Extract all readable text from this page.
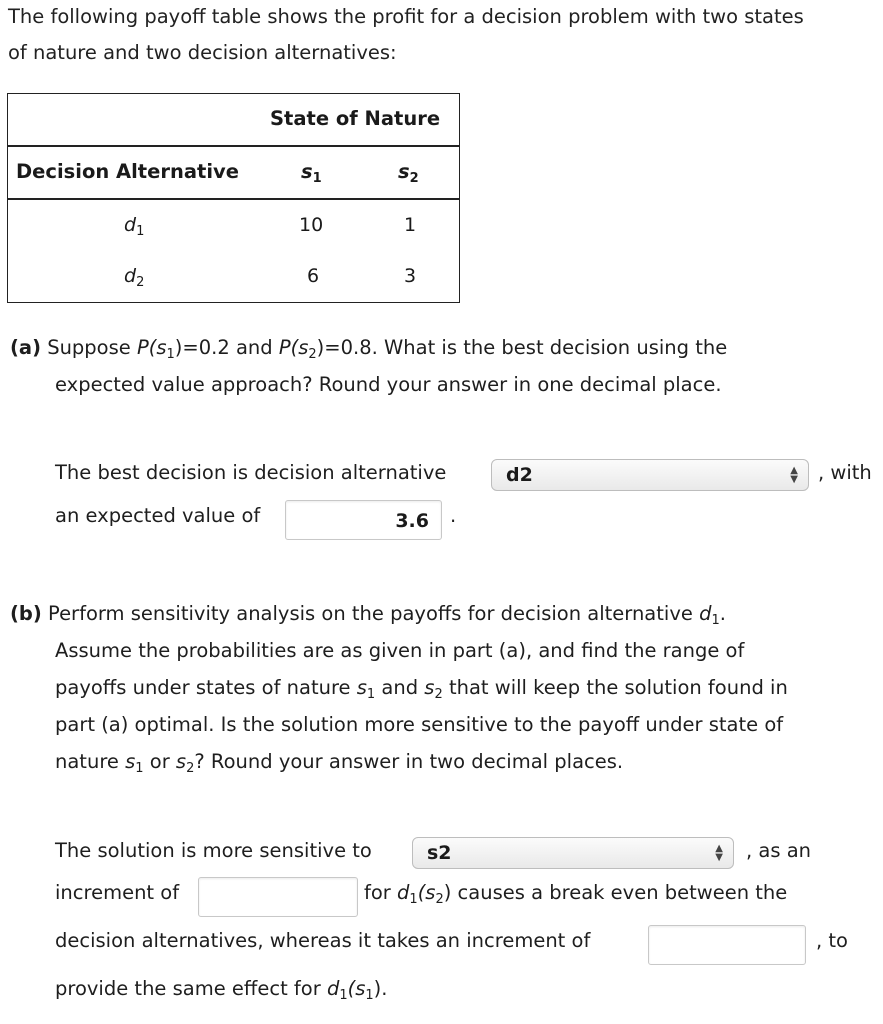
The following payoff table shows the profit for a decision problem with two states
of nature and two decision alternatives:
State of Nature
Decision Alternative	$s_1$	$s_2$
$d_1$	10	1
$d_2$	6	3
(a) Suppose $P(s_1)=0.2$ and $P(s_2)=0.8$. What is the best decision using the
expected value approach? Round your answer in one decimal place.
The best decision is decision alternative	d2	▲
▼ , with
an expected value of	3.6	.
(b) Perform sensitivity analysis on the payoffs for decision alternative $d_1$.
Assume the probabilities are as given in part (a), and find the range of
payoffs under states of nature $s_1$ and $s_2$ that will keep the solution found in
part (a) optimal. Is the solution more sensitive to the payoff under state of
nature $s_1$ or $s_2$? Round your answer in two decimal places.
The solution is more sensitive to	s2	▲
▼ , as an
increment of	for $d_1(s_2)$ causes a break even between the
decision alternatives, whereas it takes an increment of	, to
provide the same effect for $d_1(s_1)$.
